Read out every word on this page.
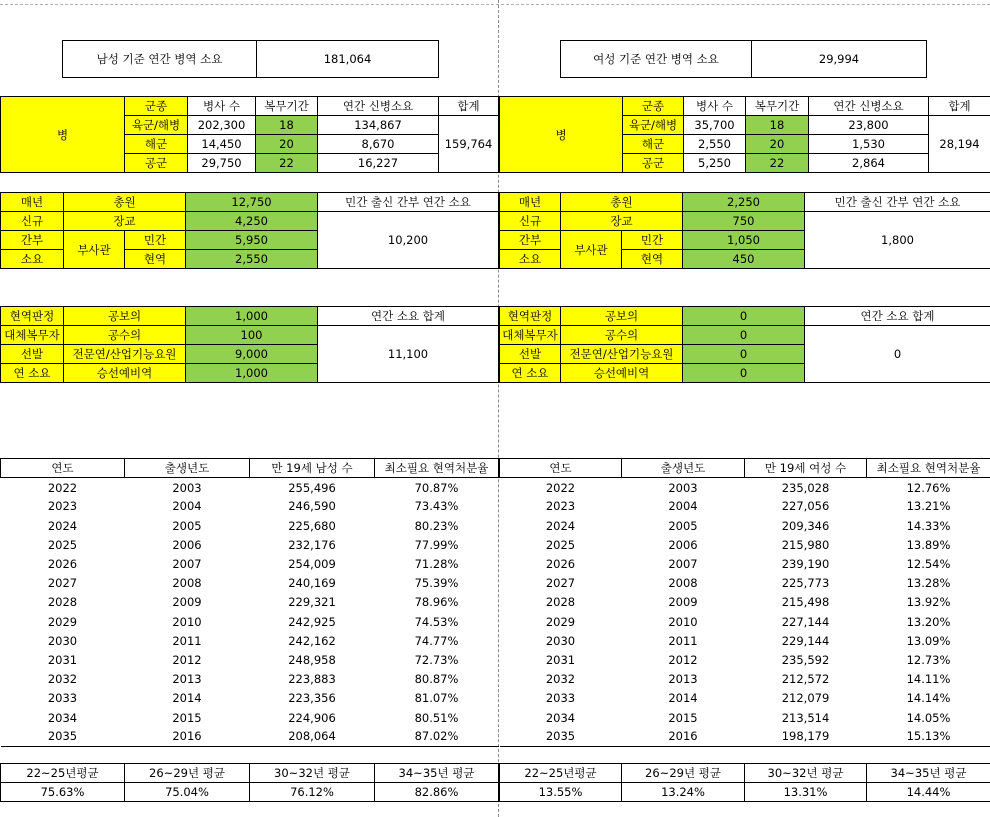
남성 기준 연간 병역 소요	181,064	여성 기준 연간 병역 소요	29,994
병	군종	병사 수	복무기간	연간 신병소요	합계
	육군/해병	202,300	18	134,867	159,764
	해군	14,450	20	8,670	
	공군	29,750	22	16,227	
병	군종	병사 수	복무기간	연간 신병소요	합계
	육군/해병	35,700	18	23,800	28,194
	해군	2,550	20	1,530	
	공군	5,250	22	2,864	
매년	총원		12,750	민간 출신 간부 연간 소요
신규	장교		4,250	10,200
간부	부사관	민간	5,950	
소요		현역	2,550	
매년	총원		2,250	민간 출신 간부 연간 소요
신규	장교		750	1,800
간부	부사관	민간	1,050	
소요		현역	450	
현역판정	공보의	1,000	연간 소요 합계
대체복무자	공수의	100	11,100
선발	전문연/산업기능요원	9,000	
연 소요	승선예비역	1,000	
현역판정	공보의	0	연간 소요 합계
대체복무자	공수의	0	0
선발	전문연/산업기능요원	0	
연 소요	승선예비역	0	
연도	출생년도	만 19세 남성 수	최소필요 현역처분율
2022	2003	255,496	70.87%
2023	2004	246,590	73.43%
2024	2005	225,680	80.23%
2025	2006	232,176	77.99%
2026	2007	254,009	71.28%
2027	2008	240,169	75.39%
2028	2009	229,321	78.96%
2029	2010	242,925	74.53%
2030	2011	242,162	74.77%
2031	2012	248,958	72.73%
2032	2013	223,883	80.87%
2033	2014	223,356	81.07%
2034	2015	224,906	80.51%
2035	2016	208,064	87.02%
연도	출생년도	만 19세 여성 수	최소필요 현역처분율
2022	2003	235,028	12.76%
2023	2004	227,056	13.21%
2024	2005	209,346	14.33%
2025	2006	215,980	13.89%
2026	2007	239,190	12.54%
2027	2008	225,773	13.28%
2028	2009	215,498	13.92%
2029	2010	227,144	13.20%
2030	2011	229,144	13.09%
2031	2012	235,592	12.73%
2032	2013	212,572	14.11%
2033	2014	212,079	14.14%
2034	2015	213,514	14.05%
2035	2016	198,179	15.13%
22~25년평균	26~29년 평균	30~32년 평균	34~35년 평균
75.63%	75.04%	76.12%	82.86%
22~25년평균	26~29년 평균	30~32년 평균	34~35년 평균
13.55%	13.24%	13.31%	14.44%
